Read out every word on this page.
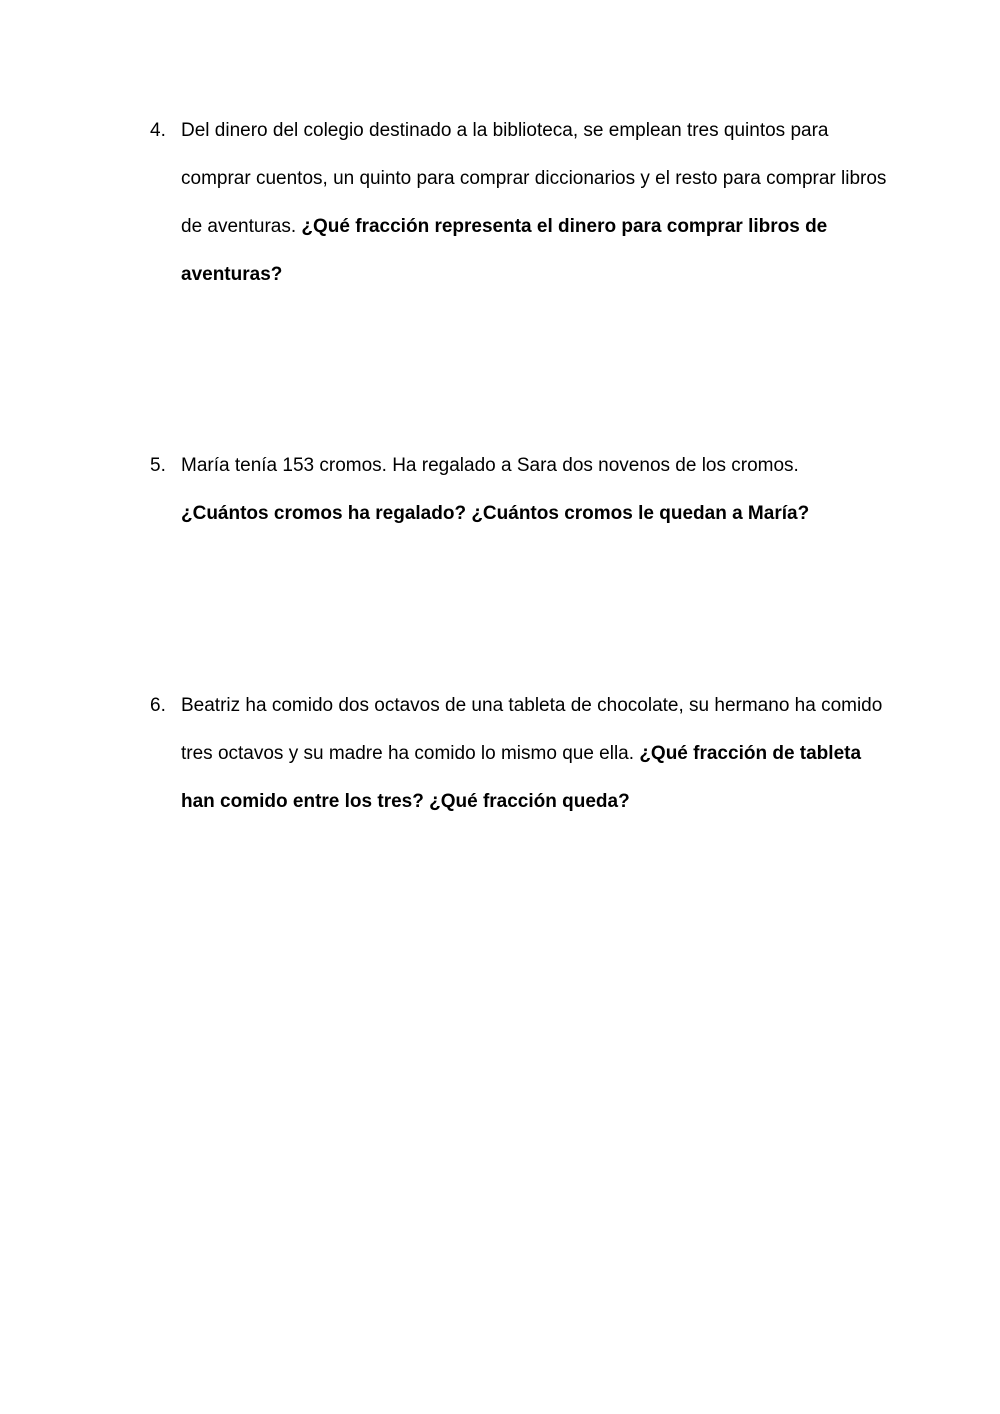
4. Del dinero del colegio destinado a la biblioteca, se emplean tres quintos para comprar cuentos, un quinto para comprar diccionarios y el resto para comprar libros de aventuras. ¿Qué fracción representa el dinero para comprar libros de aventuras?
5. María tenía 153 cromos. Ha regalado a Sara dos novenos de los cromos.
¿Cuántos cromos ha regalado? ¿Cuántos cromos le quedan a María?
6. Beatriz ha comido dos octavos de una tableta de chocolate, su hermano ha comido tres octavos y su madre ha comido lo mismo que ella. ¿Qué fracción de tableta han comido entre los tres? ¿Qué fracción queda?
